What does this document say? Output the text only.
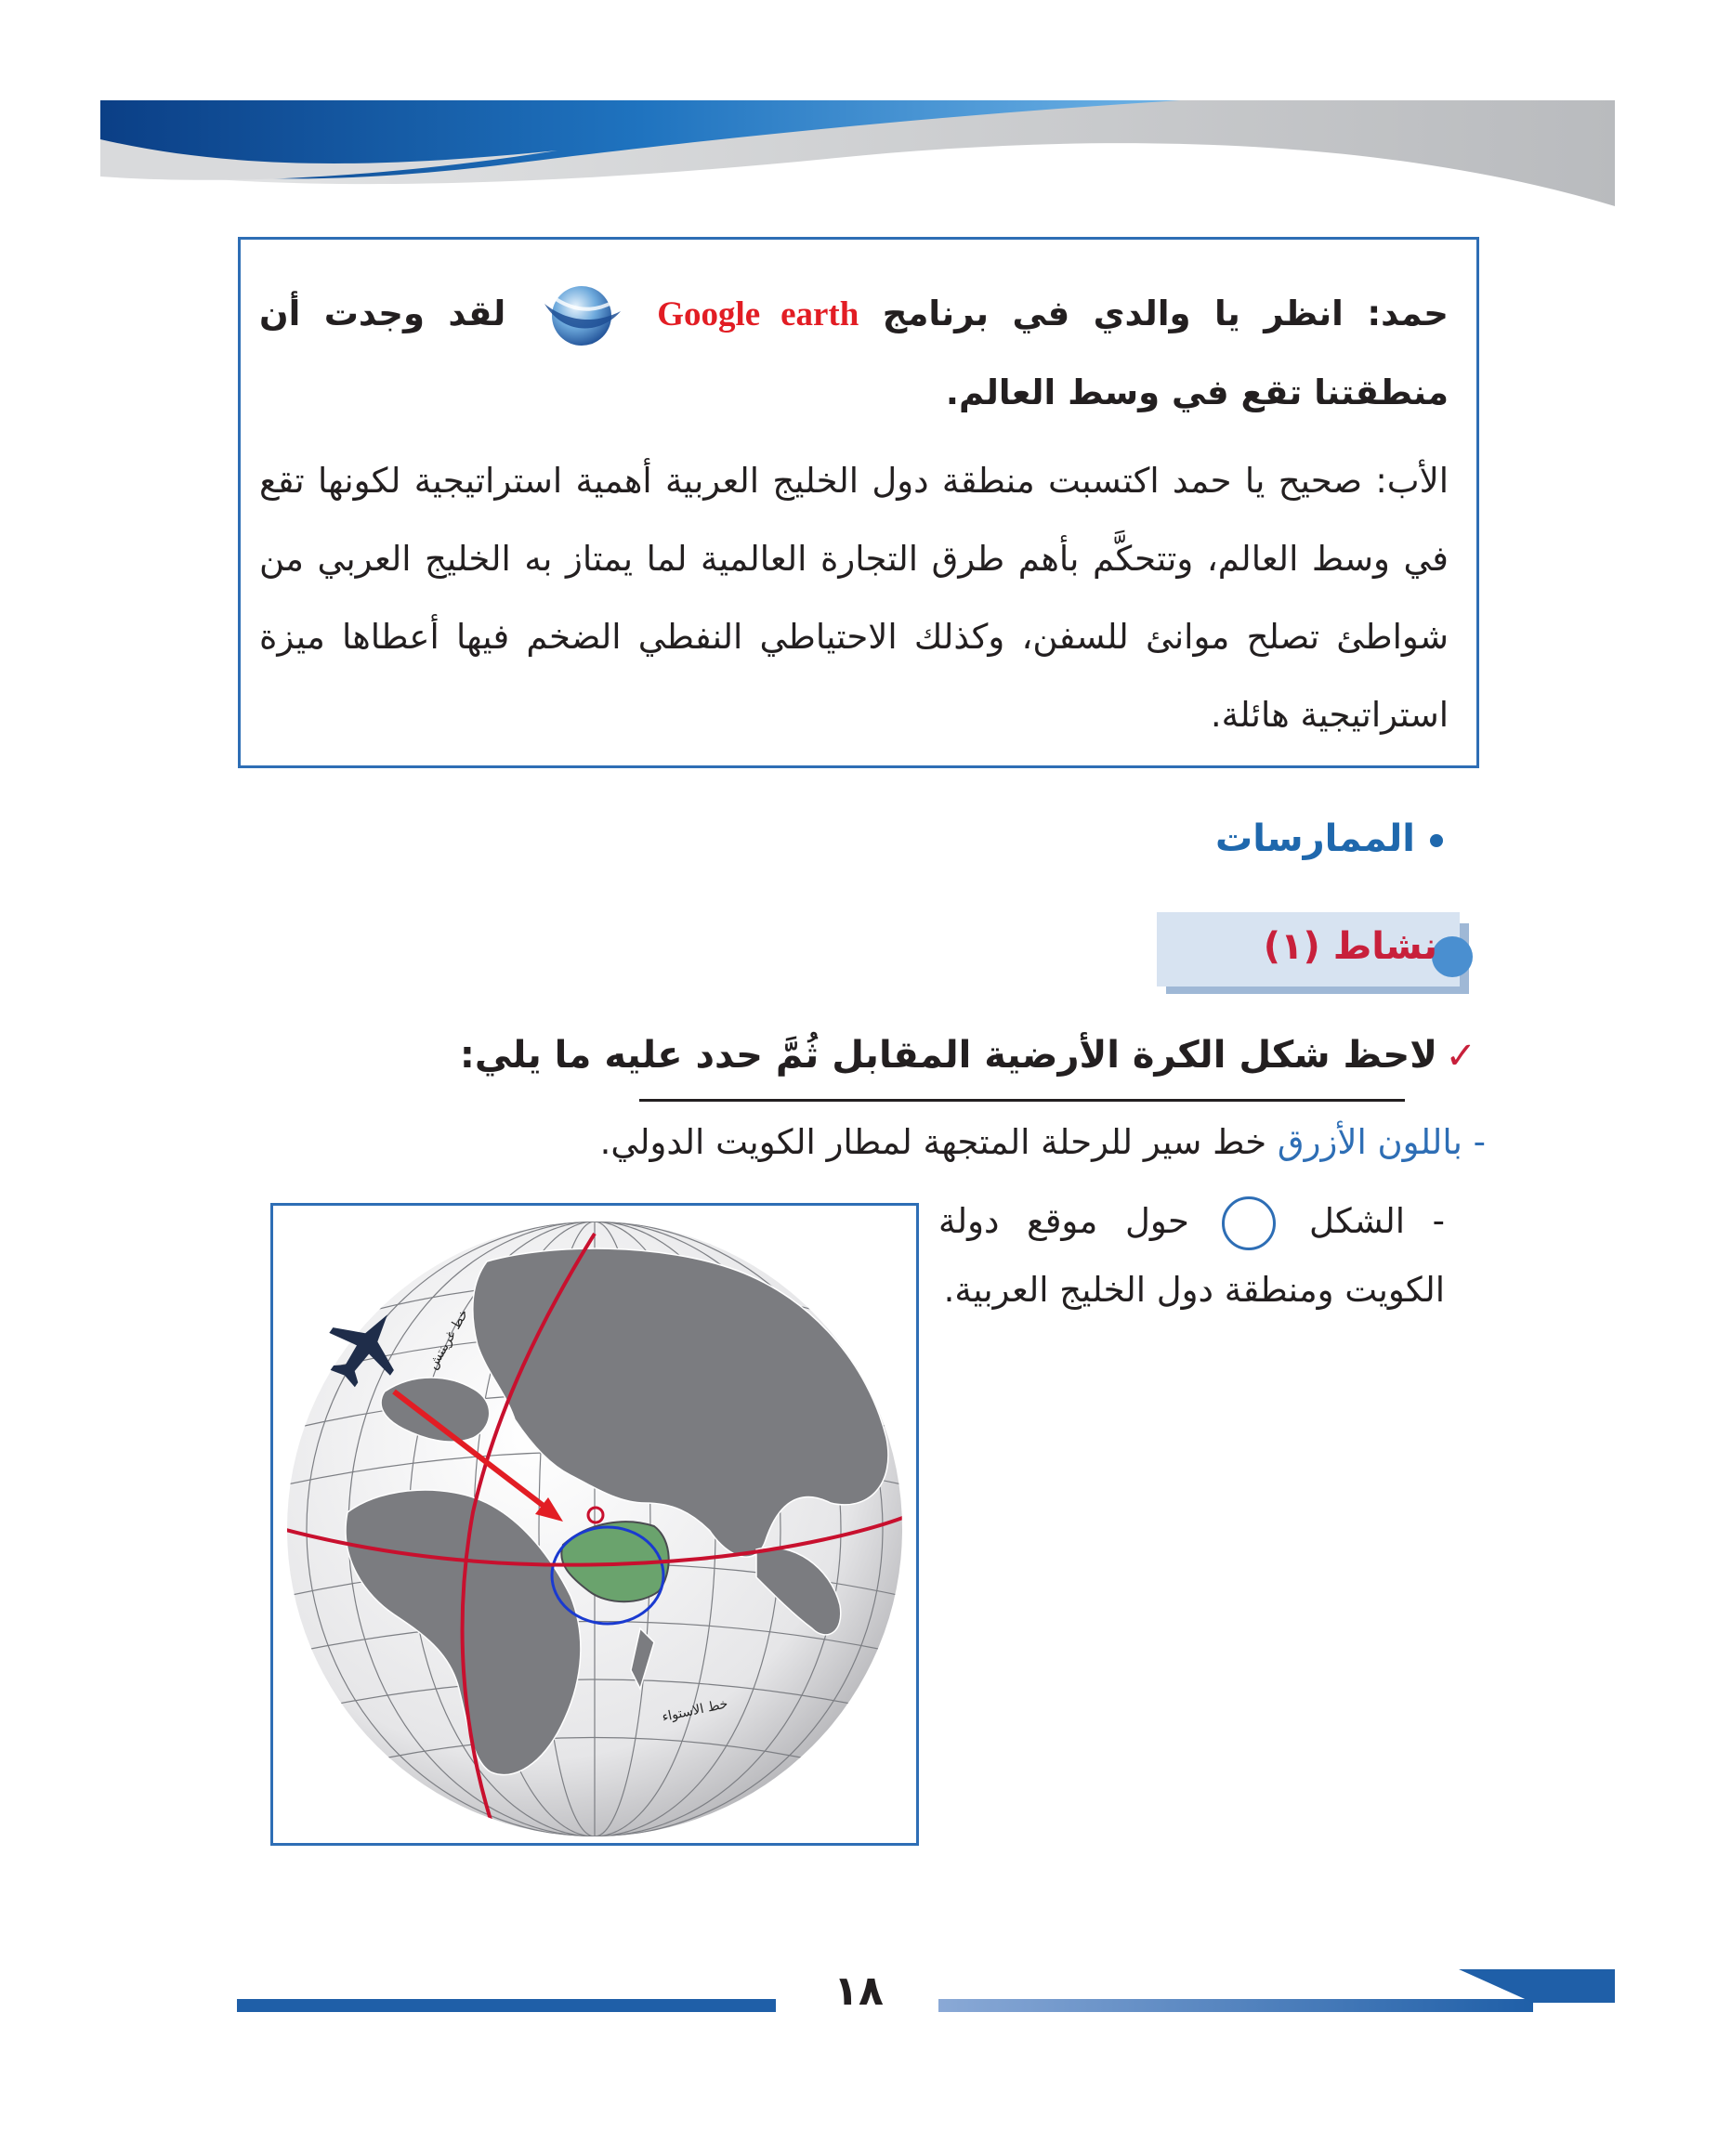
حمد: انظر يا والدي في برنامج Google earth  لقد وجدت أن منطقتنا تقع في وسط العالم.
الأب: صحيح يا حمد اكتسبت منطقة دول الخليج العربية أهمية استراتيجية لكونها تقع في وسط العالم، وتتحكَّم بأهم طرق التجارة العالمية لما يمتاز به الخليج العربي من شواطئ تصلح موانئ للسفن، وكذلك الاحتياطي النفطي الضخم فيها أعطاها ميزة استراتيجية هائلة.
الممارسات
نشاط (١)
✓
لاحظ شكل الكرة الأرضية المقابل ثُمَّ حدد عليه ما يلي:
- باللون الأزرق خط سير للرحلة المتجهة لمطار الكويت الدولي.
- الشكل  حول موقع دولة الكويت ومنطقة دول الخليج العربية.
خط غرينتش
خط الاستواء
١٨
